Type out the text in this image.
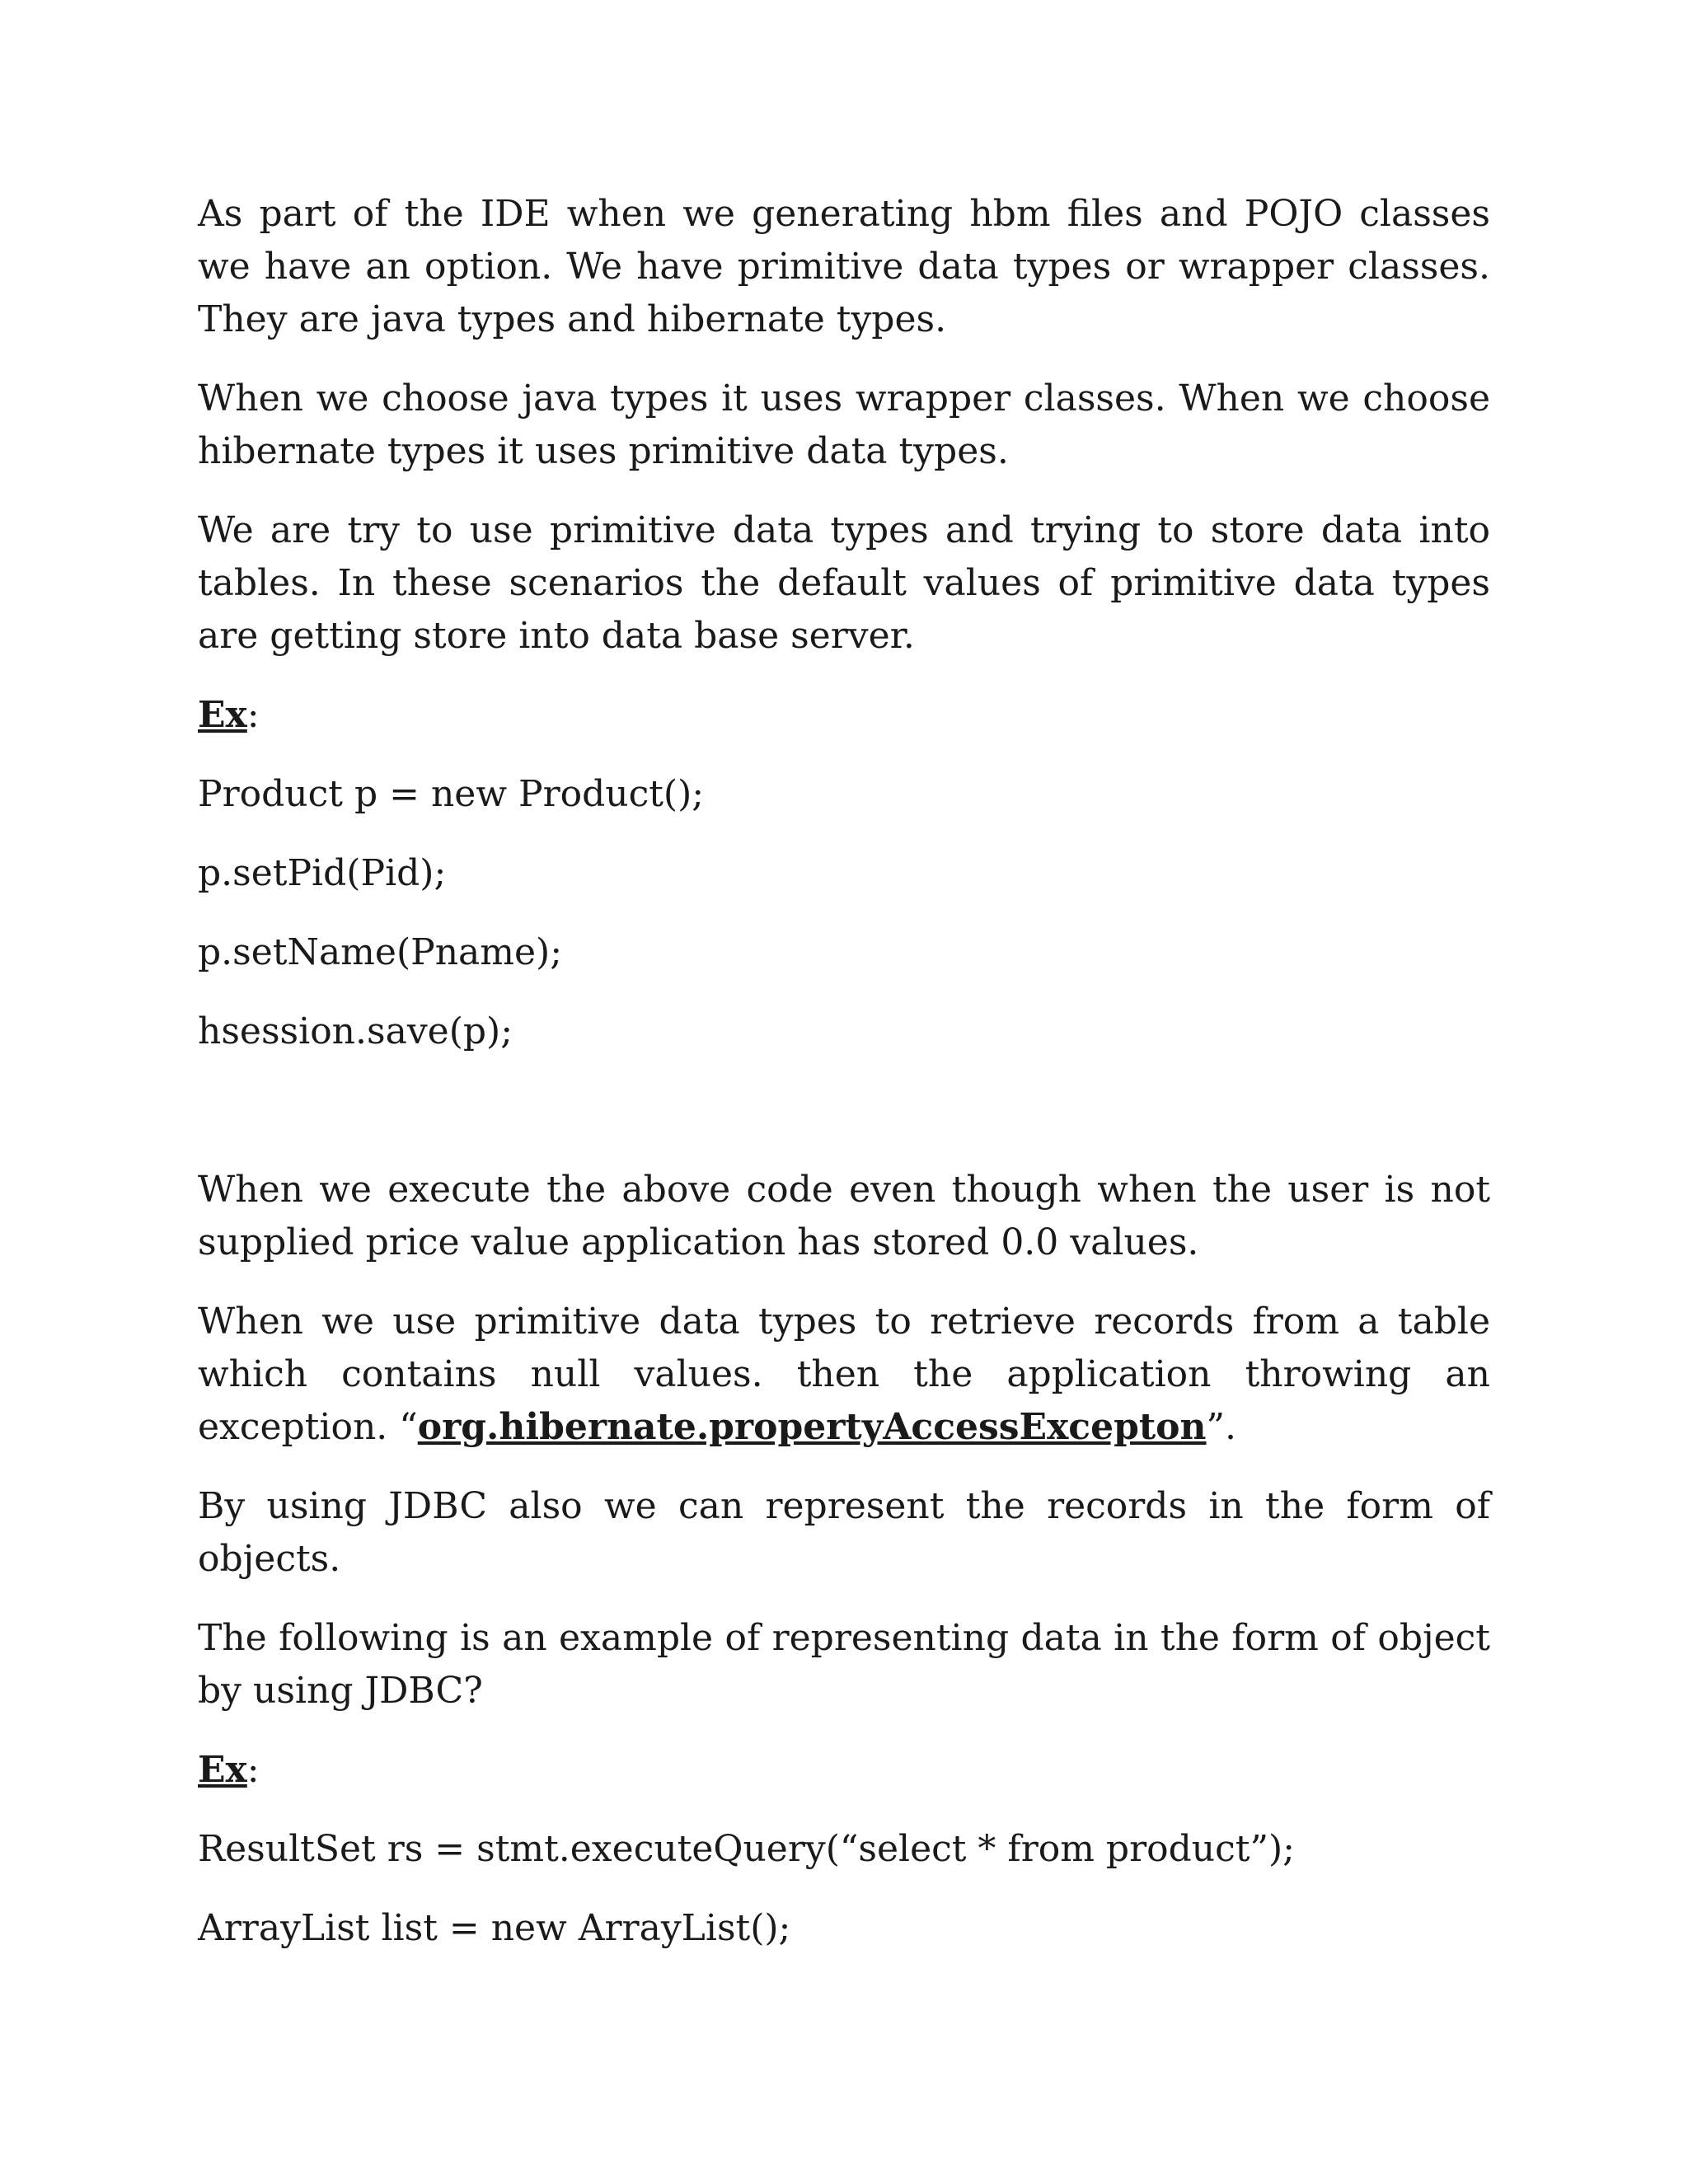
As part of the IDE when we generating hbm files and POJO classes we have an option. We have primitive data types or wrapper classes. They are java types and hibernate types.

When we choose java types it uses wrapper classes. When we choose hibernate types it uses primitive data types.

We are try to use primitive data types and trying to store data into tables. In these scenarios the default values of primitive data types are getting store into data base server.

Ex:

Product p = new Product();

p.setPid(Pid);

p.setName(Pname);

hsession.save(p);

When we execute the above code even though when the user is not supplied price value application has stored 0.0 values.

When we use primitive data types to retrieve records from a table which contains null values. then the application throwing an exception. “org.hibernate.propertyAccessExcepton”.

By using JDBC also we can represent the records in the form of objects.

The following is an example of representing data in the form of object by using JDBC?

Ex:

ResultSet rs = stmt.executeQuery(“select * from product”);

ArrayList list = new ArrayList();
